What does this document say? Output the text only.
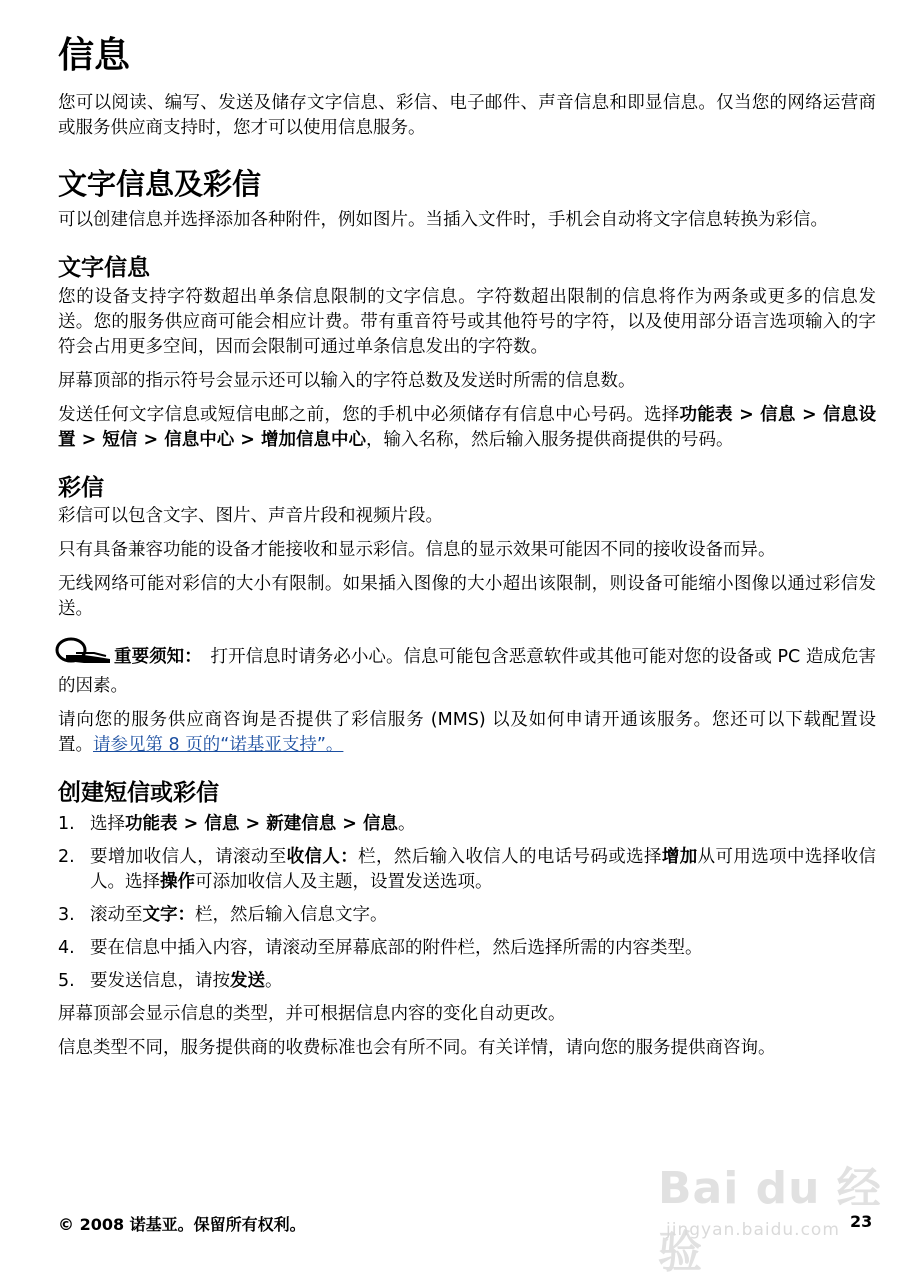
信息

您可以阅读、编写、发送及储存文字信息、彩信、电子邮件、声音信息和即显信息。仅当您的网络运营商或服务供应商支持时，您才可以使用信息服务。

文字信息及彩信

可以创建信息并选择添加各种附件，例如图片。当插入文件时，手机会自动将文字信息转换为彩信。

文字信息

您的设备支持字符数超出单条信息限制的文字信息。字符数超出限制的信息将作为两条或更多的信息发送。您的服务供应商可能会相应计费。带有重音符号或其他符号的字符，以及使用部分语言选项输入的字符会占用更多空间，因而会限制可通过单条信息发出的字符数。

屏幕顶部的指示符号会显示还可以输入的字符总数及发送时所需的信息数。

发送任何文字信息或短信电邮之前，您的手机中必须储存有信息中心号码。选择功能表 > 信息 > 信息设置 > 短信 > 信息中心 > 增加信息中心，输入名称，然后输入服务提供商提供的号码。

彩信

彩信可以包含文字、图片、声音片段和视频片段。

只有具备兼容功能的设备才能接收和显示彩信。信息的显示效果可能因不同的接收设备而异。

无线网络可能对彩信的大小有限制。如果插入图像的大小超出该限制，则设备可能缩小图像以通过彩信发送。

重要须知：　打开信息时请务必小心。信息可能包含恶意软件或其他可能对您的设备或 PC 造成危害的因素。

请向您的服务供应商咨询是否提供了彩信服务 (MMS) 以及如何申请开通该服务。您还可以下载配置设置。请参见第 8 页的“诺基亚支持”。

创建短信或彩信
1. 选择功能表 > 信息 > 新建信息 > 信息。
2. 要增加收信人，请滚动至收信人：栏，然后输入收信人的电话号码或选择增加从可用选项中选择收信人。选择操作可添加收信人及主题，设置发送选项。
3. 滚动至文字：栏，然后输入信息文字。
4. 要在信息中插入内容，请滚动至屏幕底部的附件栏，然后选择所需的内容类型。
5. 要发送信息，请按发送。

屏幕顶部会显示信息的类型，并可根据信息内容的变化自动更改。

信息类型不同，服务提供商的收费标准也会有所不同。有关详情，请向您的服务提供商咨询。

Bai du 经验
jingyan.baidu.com
© 2008 诺基亚。保留所有权利。	23
